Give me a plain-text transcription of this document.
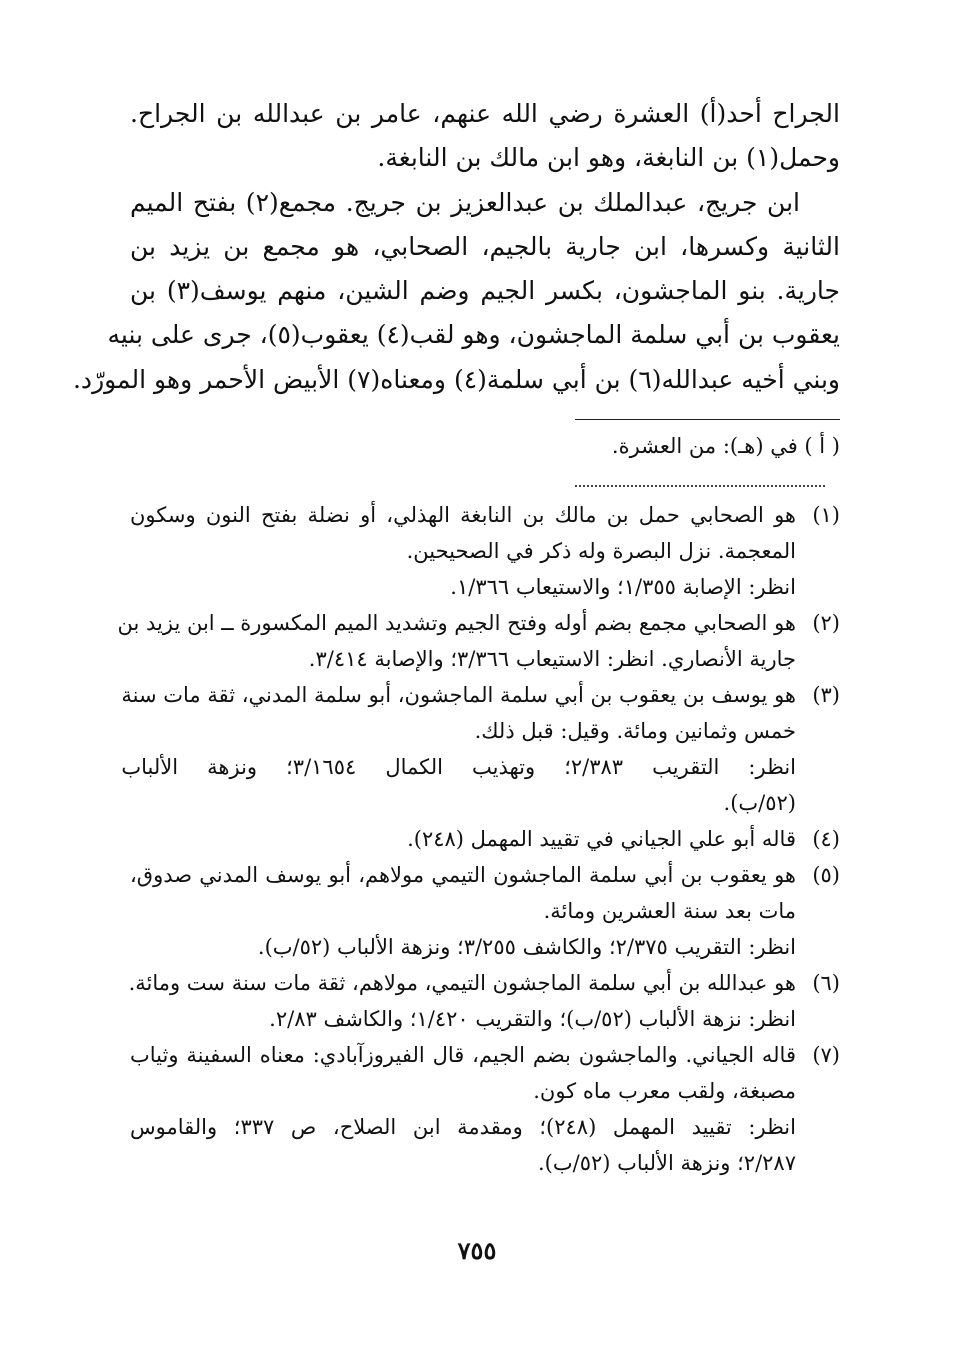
الجراح أحد(أ) العشرة رضي الله عنهم، عامر بن عبدالله بن الجراح.
وحمل(١) بن النابغة، وهو ابن مالك بن النابغة.
ابن جريج، عبدالملك بن عبدالعزيز بن جريج. مجمع(٢) بفتح الميم
الثانية وكسرها، ابن جارية بالجيم، الصحابي، هو مجمع بن يزيد بن
جارية. بنو الماجشون، بكسر الجيم وضم الشين، منهم يوسف(٣) بن
يعقوب بن أبي سلمة الماجشون، وهو لقب(٤) يعقوب(٥)، جرى على بنيه
وبني أخيه عبدالله(٦) بن أبي سلمة(٤) ومعناه(٧) الأبيض الأحمر وهو المورّد.
( أ ) في (هـ): من العشرة.
(١)
هو الصحابي حمل بن مالك بن النابغة الهذلي، أو نضلة بفتح النون وسكون
المعجمة. نزل البصرة وله ذكر في الصحيحين.
انظر: الإصابة ١/٣٥٥؛ والاستيعاب ١/٣٦٦.
(٢)
هو الصحابي مجمع بضم أوله وفتح الجيم وتشديد الميم المكسورة ــ ابن يزيد بن
جارية الأنصاري. انظر: الاستيعاب ٣/٣٦٦؛ والإصابة ٣/٤١٤.
(٣)
هو يوسف بن يعقوب بن أبي سلمة الماجشون، أبو سلمة المدني، ثقة مات سنة
خمس وثمانين ومائة. وقيل: قبل ذلك.
انظر: التقريب ٢/٣٨٣؛ وتهذيب الكمال ٣/١٦٥٤؛ ونزهة الألباب
(٥٢/ب).
(٤)
قاله أبو علي الجياني في تقييد المهمل (٢٤٨).
(٥)
هو يعقوب بن أبي سلمة الماجشون التيمي مولاهم، أبو يوسف المدني صدوق،
مات بعد سنة العشرين ومائة.
انظر: التقريب ٢/٣٧٥؛ والكاشف ٣/٢٥٥؛ ونزهة الألباب (٥٢/ب).
(٦)
هو عبدالله بن أبي سلمة الماجشون التيمي، مولاهم، ثقة مات سنة ست ومائة.
انظر: نزهة الألباب (٥٢/ب)؛ والتقريب ١/٤٢٠؛ والكاشف ٢/٨٣.
(٧)
قاله الجياني. والماجشون بضم الجيم، قال الفيروزآبادي: معناه السفينة وثياب
مصبغة، ولقب معرب ماه كون.
انظر: تقييد المهمل (٢٤٨)؛ ومقدمة ابن الصلاح، ص ٣٣٧؛ والقاموس
٢/٢٨٧؛ ونزهة الألباب (٥٢/ب).
٧٥٥
